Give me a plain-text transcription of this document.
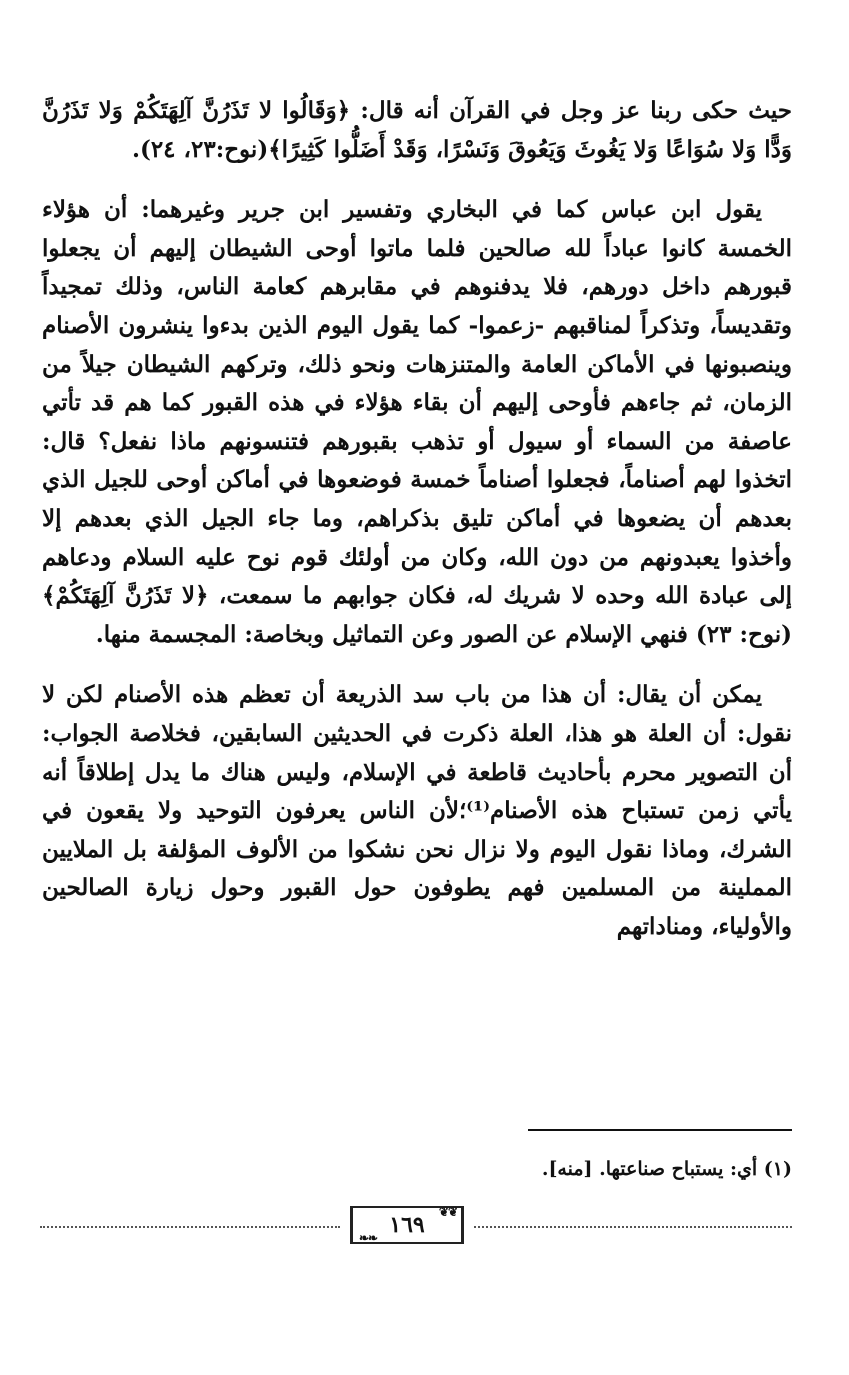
حيث حكى ربنا عز وجل في القرآن أنه قال: ﴿وَقَالُوا لا تَذَرُنَّ آلِهَتَكُمْ وَلا تَذَرُنَّ وَدًّا وَلا سُوَاعًا وَلا يَغُوثَ وَيَعُوقَ وَنَسْرًا، وَقَدْ أَضَلُّوا كَثِيرًا﴾(نوح:٢٣، ٢٤).

يقول ابن عباس كما في البخاري وتفسير ابن جرير وغيرهما: أن هؤلاء الخمسة كانوا عباداً لله صالحين فلما ماتوا أوحى الشيطان إليهم أن يجعلوا قبورهم داخل دورهم، فلا يدفنوهم في مقابرهم كعامة الناس، وذلك تمجيداً وتقديساً، وتذكراً لمناقبهم -زعموا- كما يقول اليوم الذين بدءوا ينشرون الأصنام وينصبونها في الأماكن العامة والمتنزهات ونحو ذلك، وتركهم الشيطان جيلاً من الزمان، ثم جاءهم فأوحى إليهم أن بقاء هؤلاء في هذه القبور كما هم قد تأتي عاصفة من السماء أو سيول أو تذهب بقبورهم فتنسونهم ماذا نفعل؟ قال: اتخذوا لهم أصناماً، فجعلوا أصناماً خمسة فوضعوها في أماكن أوحى للجيل الذي بعدهم أن يضعوها في أماكن تليق بذكراهم، وما جاء الجيل الذي بعدهم إلا وأخذوا يعبدونهم من دون الله، وكان من أولئك قوم نوح عليه السلام ودعاهم إلى عبادة الله وحده لا شريك له، فكان جوابهم ما سمعت، ﴿لا تَذَرُنَّ آلِهَتَكُمْ﴾(نوح: ٢٣) فنهي الإسلام عن الصور وعن التماثيل وبخاصة: المجسمة منها.

يمكن أن يقال: أن هذا من باب سد الذريعة أن تعظم هذه الأصنام لكن لا نقول: أن العلة هو هذا، العلة ذكرت في الحديثين السابقين، فخلاصة الجواب: أن التصوير محرم بأحاديث قاطعة في الإسلام، وليس هناك ما يدل إطلاقاً أنه يأتي زمن تستباح هذه الأصنام⁽¹⁾؛لأن الناس يعرفون التوحيد ولا يقعون في الشرك، وماذا نقول اليوم ولا نزال نحن نشكوا من الألوف المؤلفة بل الملايين المملينة من المسلمين فهم يطوفون حول القبور وحول زيارة الصالحين والأولياء، ومناداتهم

(١) أي: يستباح صناعتها. [منه].
❦❦
١٦٩
❧❧
